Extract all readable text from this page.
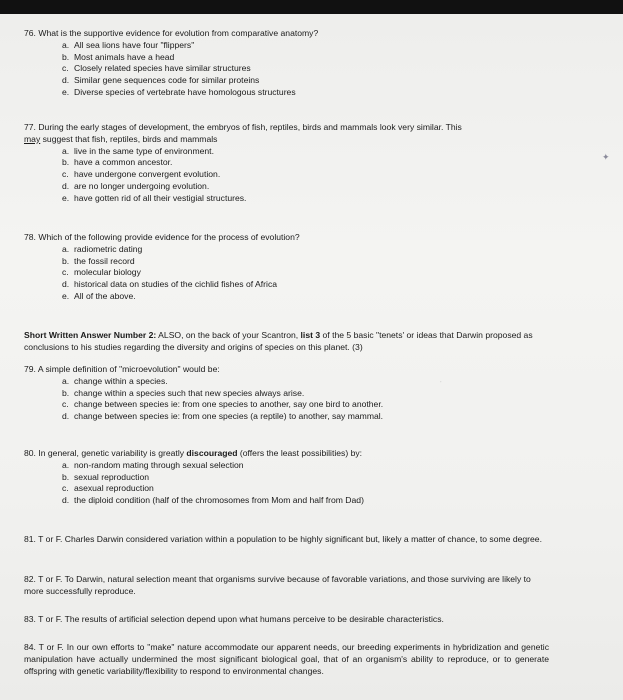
76. What is the supportive evidence for evolution from comparative anatomy?

a. All sea lions have four "flippers"
b. Most animals have a head
c. Closely related species have similar structures
d. Similar gene sequences code for similar proteins
e. Diverse species of vertebrate have homologous structures

77. During the early stages of development, the embryos of fish, reptiles, birds and mammals look very similar. This
may suggest that fish, reptiles, birds and mammals

a. live in the same type of environment.
b. have a common ancestor.
c. have undergone convergent evolution.
d. are no longer undergoing evolution.
e. have gotten rid of all their vestigial structures.
✦

78. Which of the following provide evidence for the process of evolution?

a. radiometric dating
b. the fossil record
c. molecular biology
d. historical data on studies of the cichlid fishes of Africa
e. All of the above.

Short Written Answer Number 2: ALSO, on the back of your Scantron, list 3 of the 5 basic "tenets' or ideas that Darwin proposed as conclusions to his studies regarding the diversity and origins of species on this planet. (3)

79. A simple definition of "microevolution" would be:

a. change within a species.
b. change within a species such that new species always arise.
c. change between species ie: from one species to another, say one bird to another.
d. change between species ie: from one species (a reptile) to another, say mammal.
˙

80. In general, genetic variability is greatly discouraged (offers the least possibilities) by:

a. non-random mating through sexual selection
b. sexual reproduction
c. asexual reproduction
d. the diploid condition (half of the chromosomes from Mom and half from Dad)

81. T or F. Charles Darwin considered variation within a population to be highly significant but, likely a matter of chance, to some degree.

82. T or F. To Darwin, natural selection meant that organisms survive because of favorable variations, and those surviving are likely to more successfully reproduce.

83. T or F. The results of artificial selection depend upon what humans perceive to be desirable characteristics.

84. T or F. In our own efforts to "make" nature accommodate our apparent needs, our breeding experiments in hybridization and genetic manipulation have actually undermined the most significant biological goal, that of an organism's ability to reproduce, or to generate offspring with genetic variability/flexibility to respond to environmental changes.
